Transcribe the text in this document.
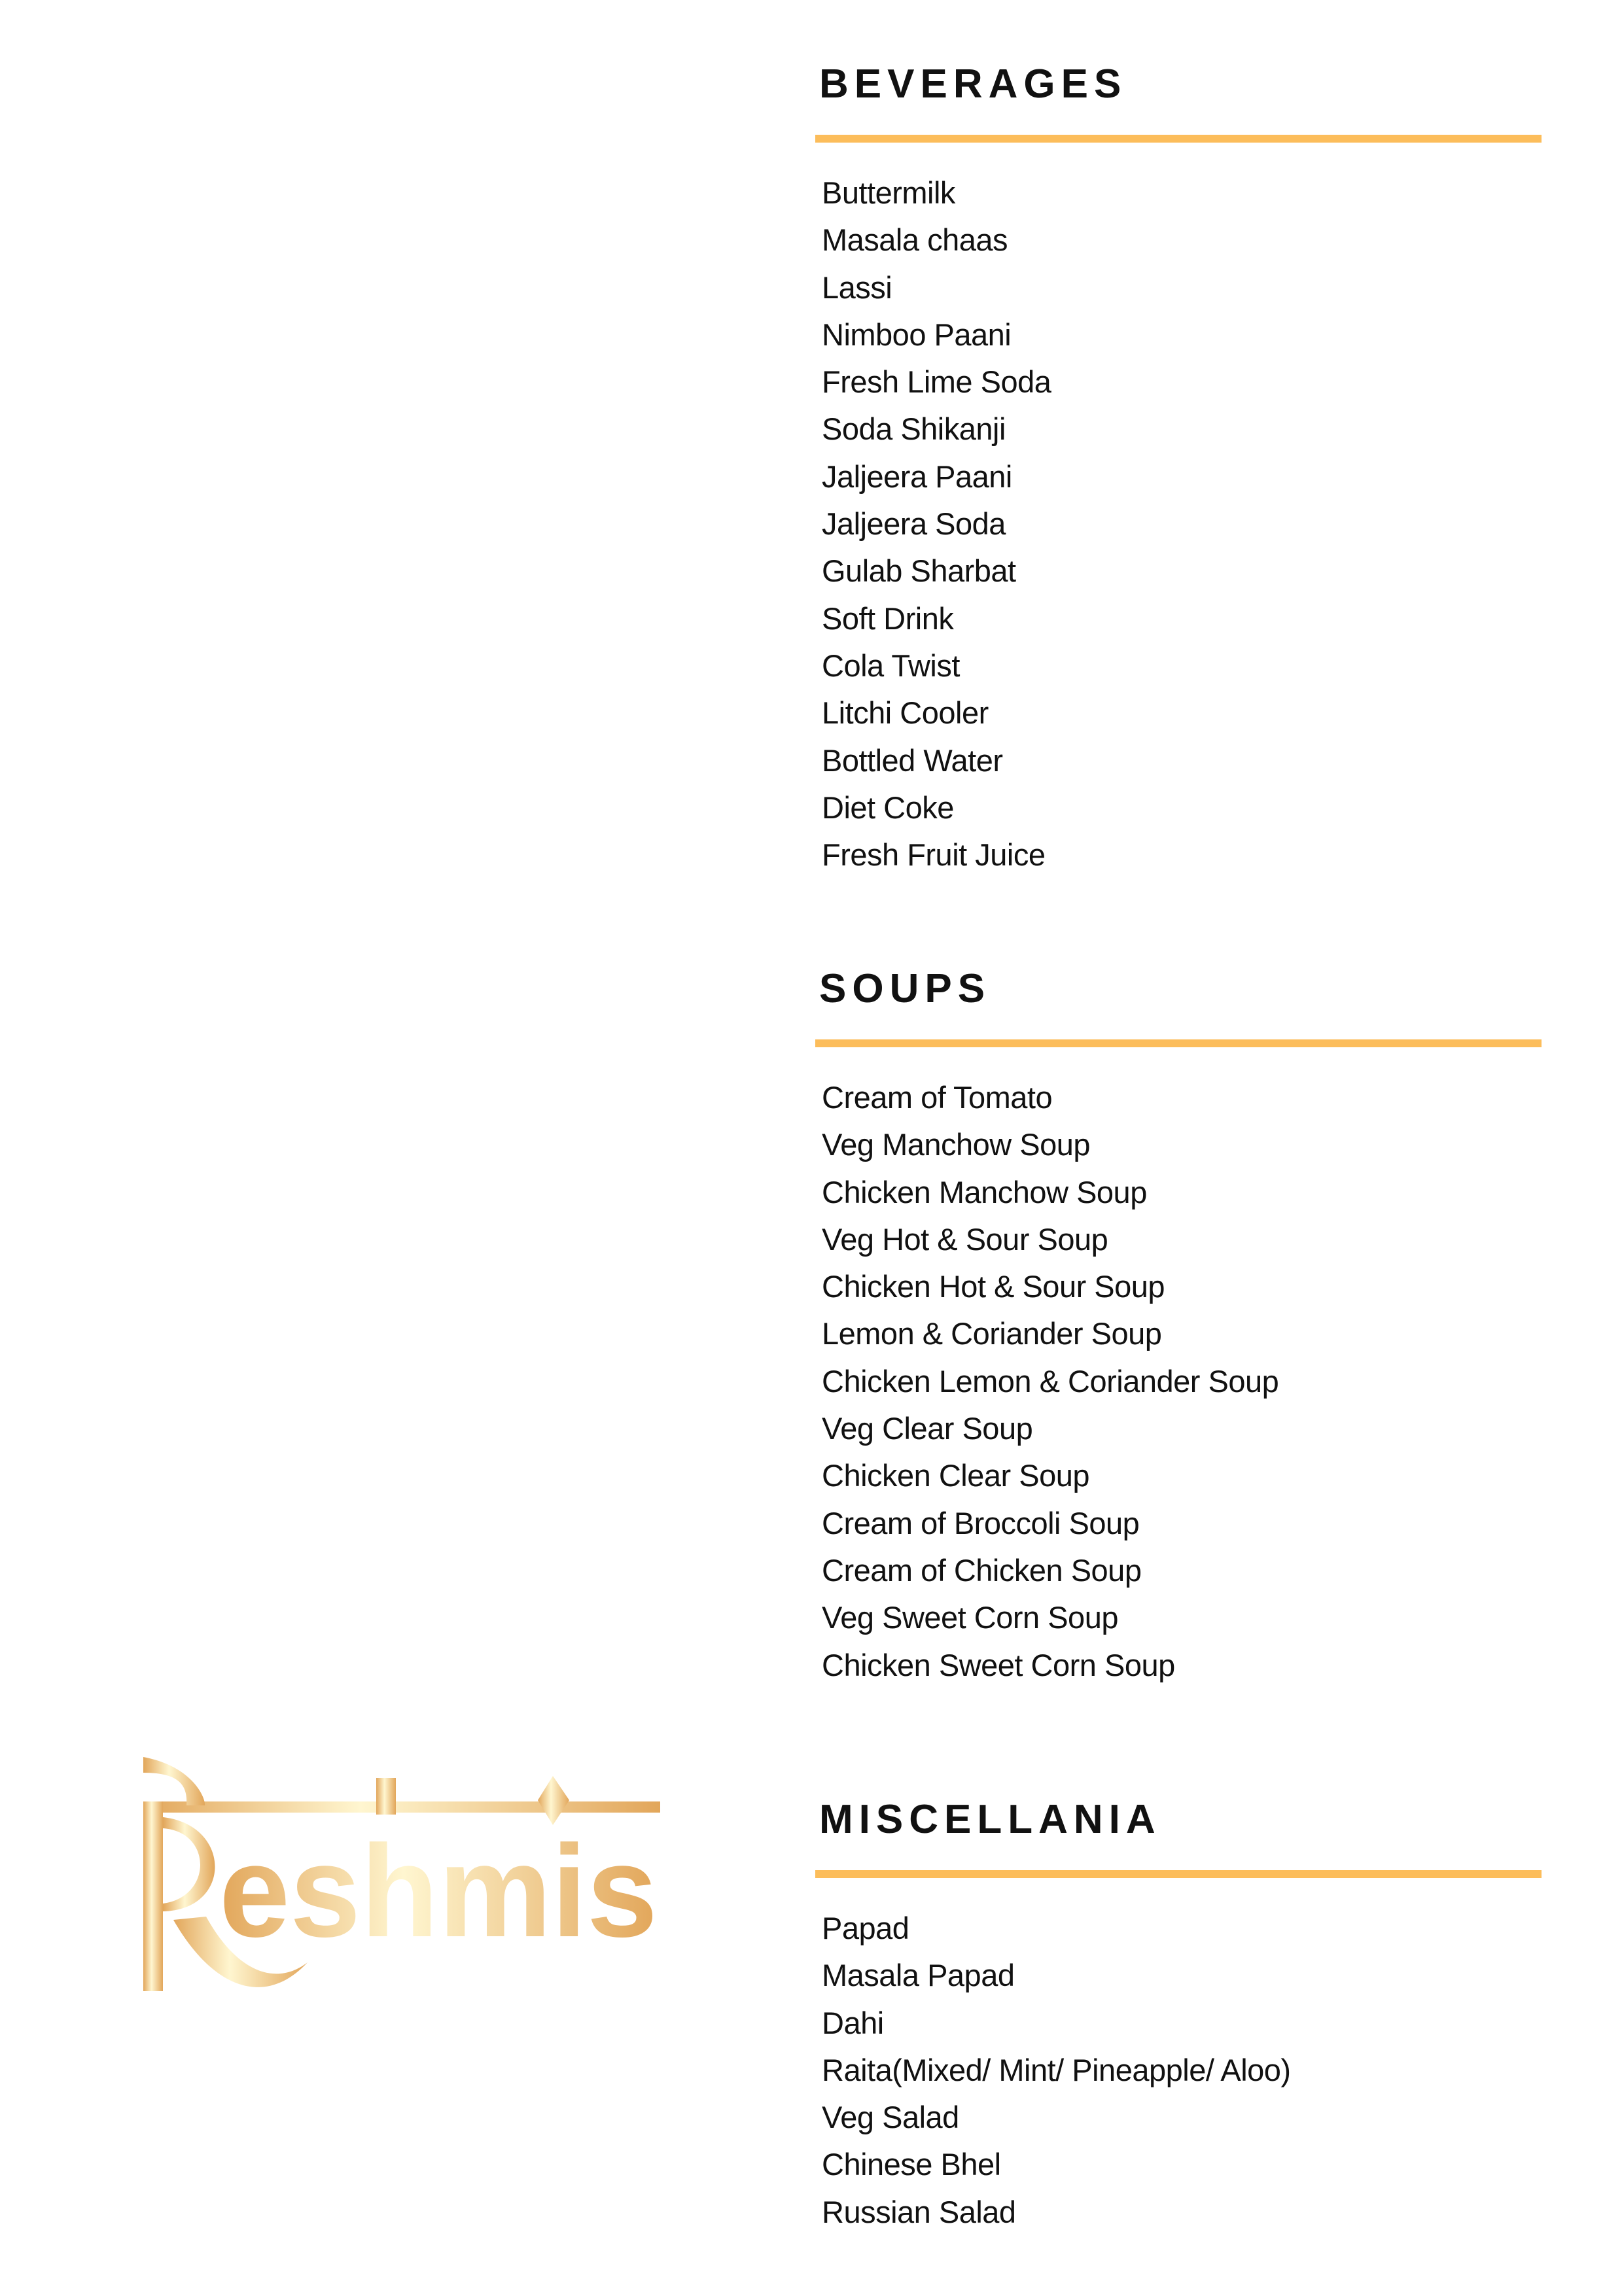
eshmis
BEVERAGES
Buttermilk
Masala chaas
Lassi
Nimboo Paani
Fresh Lime Soda
Soda Shikanji
Jaljeera Paani
Jaljeera Soda
Gulab Sharbat
Soft Drink
Cola Twist
Litchi Cooler
Bottled Water
Diet Coke
Fresh Fruit Juice
SOUPS
Cream of Tomato
Veg Manchow Soup
Chicken Manchow Soup
Veg Hot & Sour Soup
Chicken Hot & Sour Soup
Lemon & Coriander Soup
Chicken Lemon & Coriander Soup
Veg Clear Soup
Chicken Clear Soup
Cream of Broccoli Soup
Cream of Chicken Soup
Veg Sweet Corn Soup
Chicken Sweet Corn Soup
MISCELLANIA
Papad
Masala Papad
Dahi
Raita(Mixed/ Mint/ Pineapple/ Aloo)
Veg Salad
Chinese Bhel
Russian Salad
